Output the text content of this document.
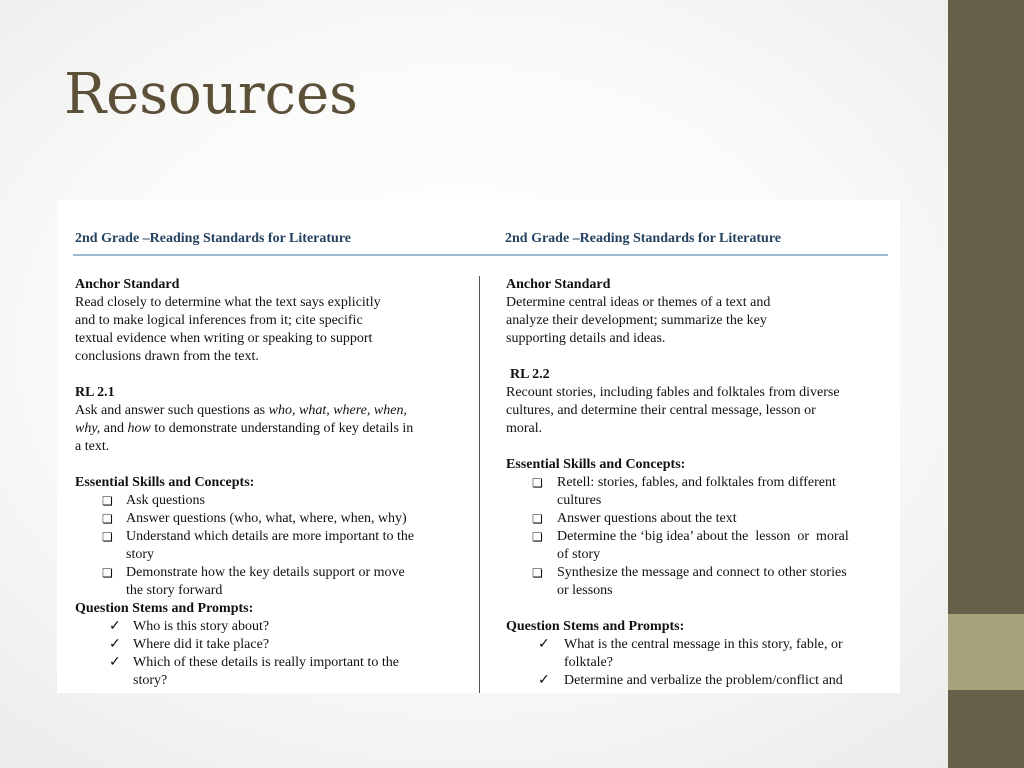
Resources
2nd Grade –Reading Standards for Literature	2nd Grade –Reading Standards for Literature

Anchor Standard

Read closely to determine what the text says explicitly

and to make logical inferences from it; cite specific

textual evidence when writing or speaking to support

conclusions drawn from the text.

RL 2.1

Ask and answer such questions as who, what, where, when,

why, and how to demonstrate understanding of key details in

a text.

Essential Skills and Concepts:

❏ Ask questions
❏ Answer questions (who, what, where, when, why)
❏ Understand which details are more important to the
story
❏ Demonstrate how the key details support or move
the story forward

Question Stems and Prompts:

✓ Who is this story about?
✓ Where did it take place?
✓ Which of these details is really important to the
story?

Anchor Standard

Determine central ideas or themes of a text and

analyze their development; summarize the key

supporting details and ideas.

RL 2.2

Recount stories, including fables and folktales from diverse

cultures, and determine their central message, lesson or

moral.

Essential Skills and Concepts:

❏ Retell: stories, fables, and folktales from different
cultures
❏ Answer questions about the text
❏ Determine the ‘big idea’ about the  lesson  or  moral
of story
❏ Synthesize the message and connect to other stories
or lessons

Question Stems and Prompts:

✓ What is the central message in this story, fable, or
folktale?
✓ Determine and verbalize the problem/conflict and
